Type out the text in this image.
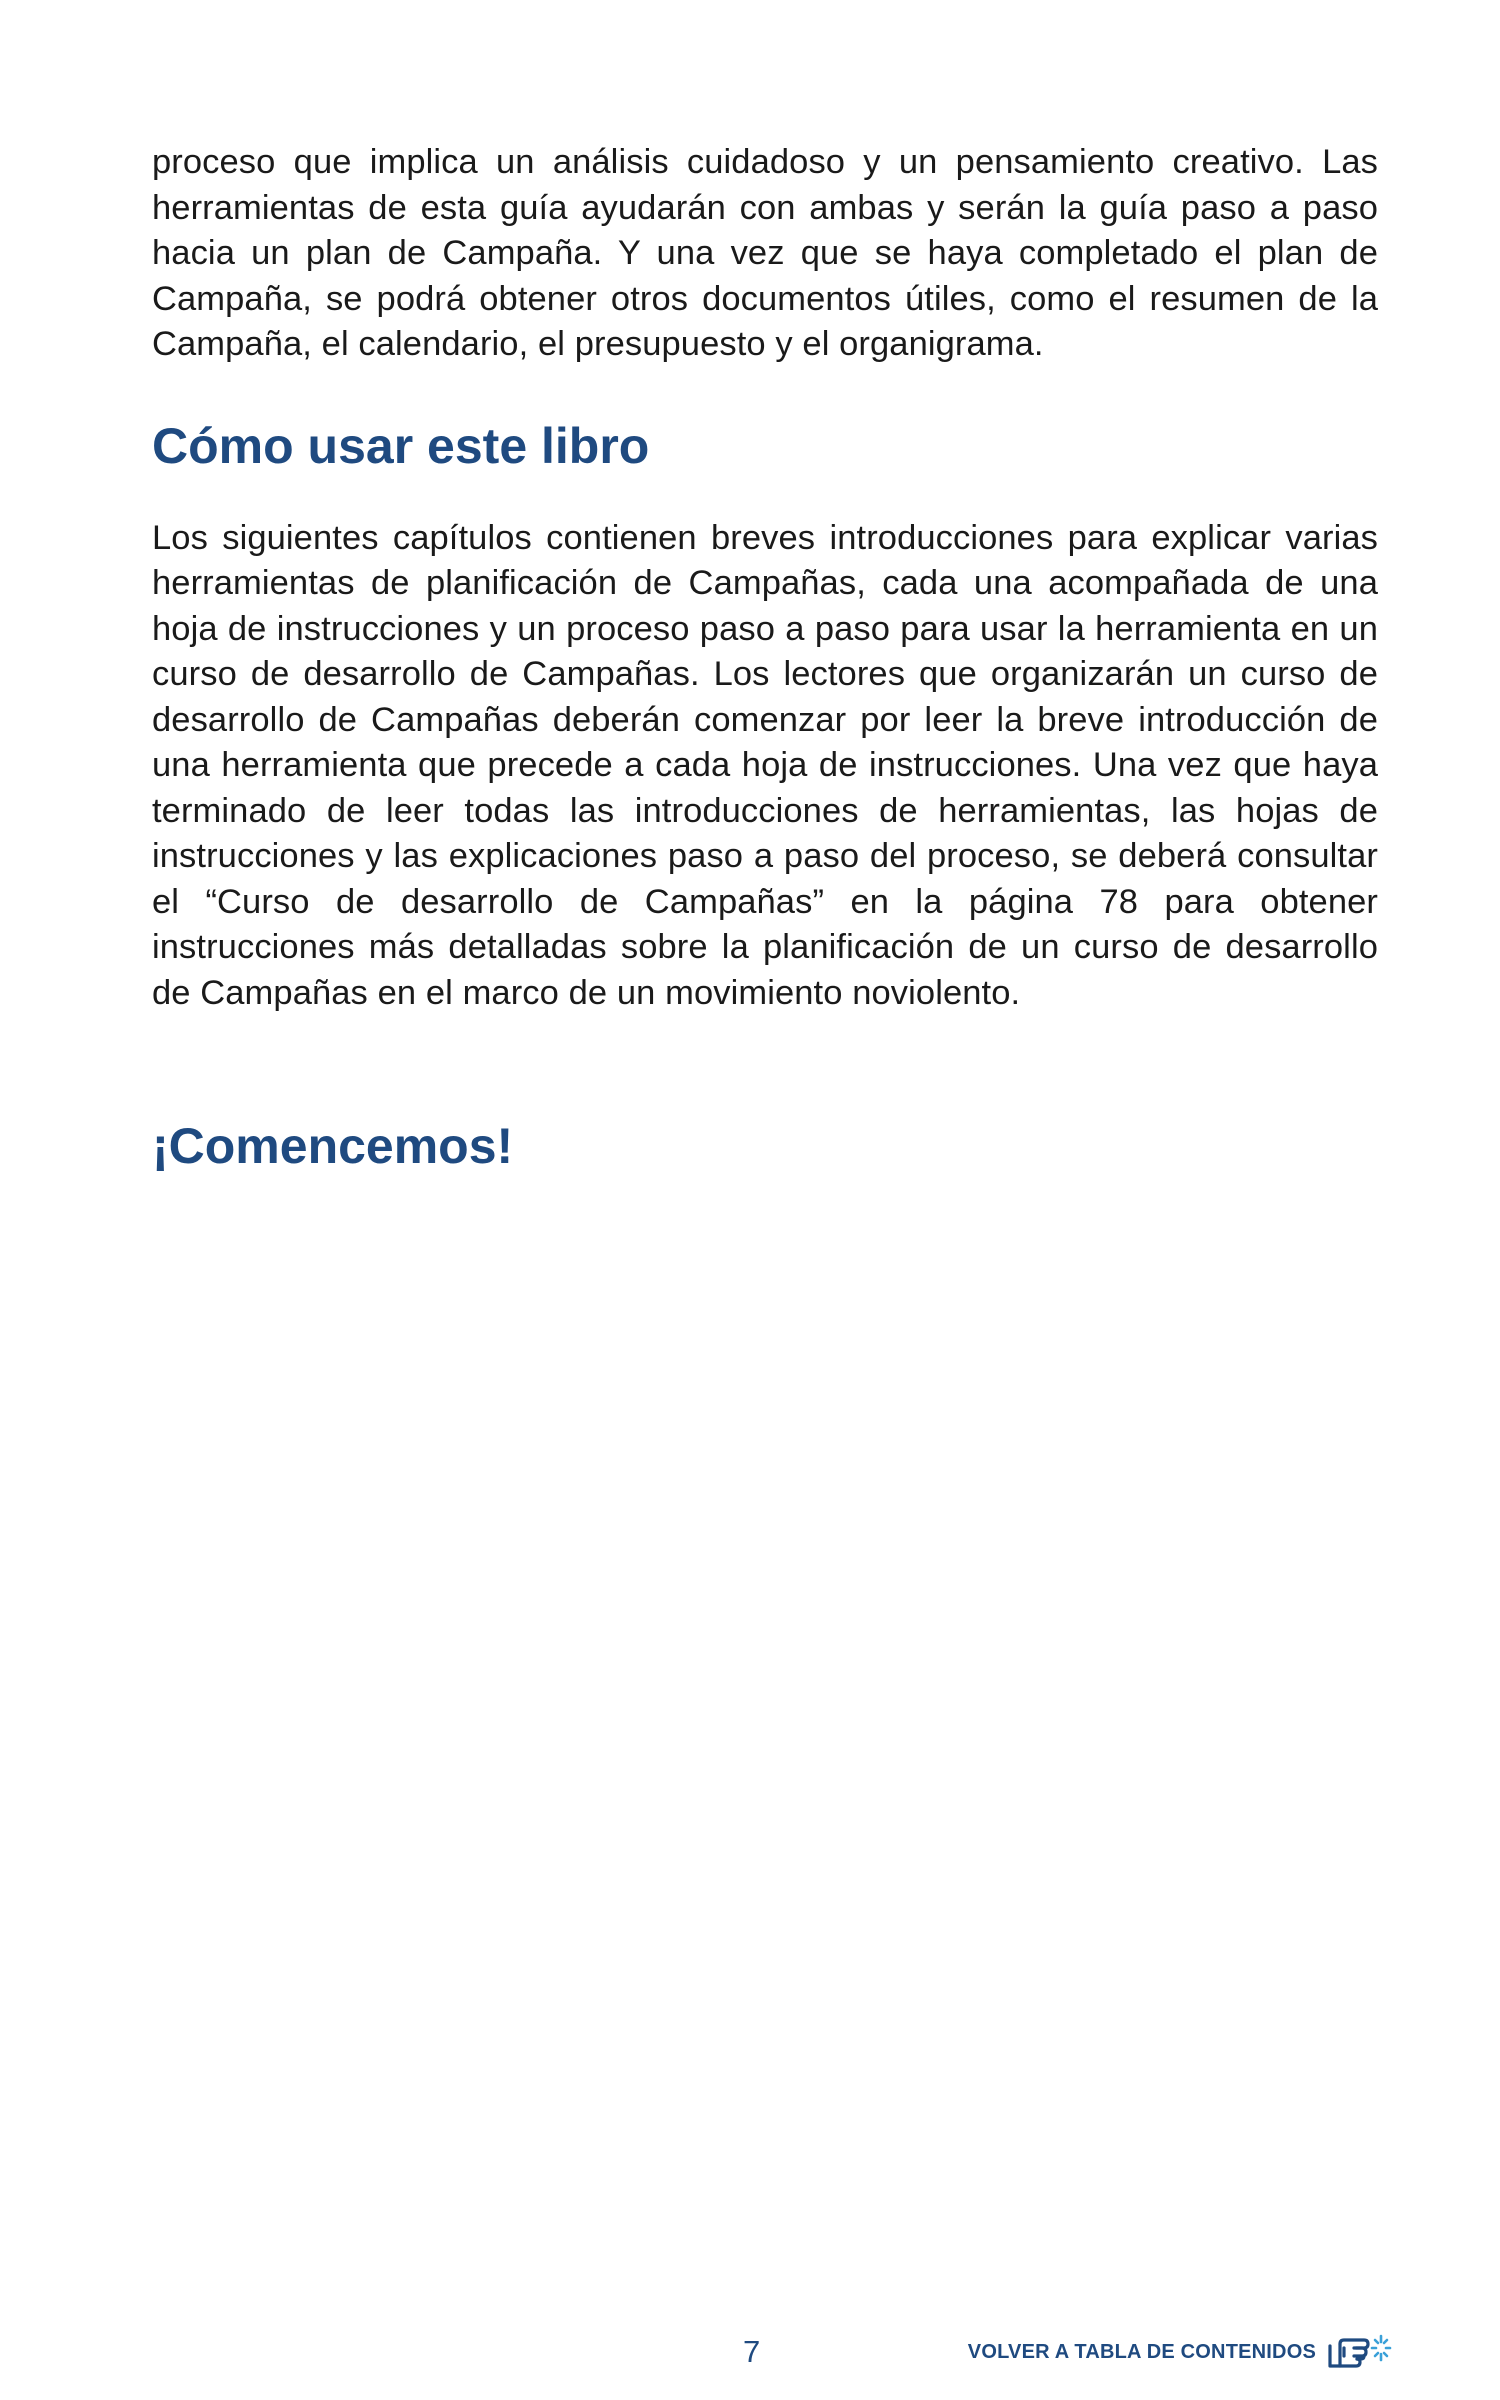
proceso que implica un análisis cuidadoso y un pensamiento creativo. Las herramientas de esta guía ayudarán con ambas y serán la guía paso a paso hacia un plan de Campaña. Y una vez que se haya completado el plan de Campaña, se podrá obtener otros documentos útiles, como el resumen de la Campaña, el calendario, el presupuesto y el organigrama.

Cómo usar este libro

Los siguientes capítulos contienen breves introducciones para explicar varias herramientas de planificación de Campañas, cada una acompañada de una hoja de instrucciones y un proceso paso a paso para usar la herramienta en un curso de desarrollo de Campañas. Los lectores que organizarán un curso de desarrollo de Campañas deberán comenzar por leer la breve introducción de una herramienta que precede a cada hoja de instrucciones. Una vez que haya terminado de leer todas las introducciones de herramientas, las hojas de instrucciones y las explicaciones paso a paso del proceso, se deberá consultar el “Curso de desarrollo de Campañas” en la página 78 para obtener instrucciones más detalladas sobre la planificación de un curso de desarrollo de Campañas en el marco de un movimiento noviolento.

¡Comencemos!
7	VOLVER A TABLA DE CONTENIDOS
